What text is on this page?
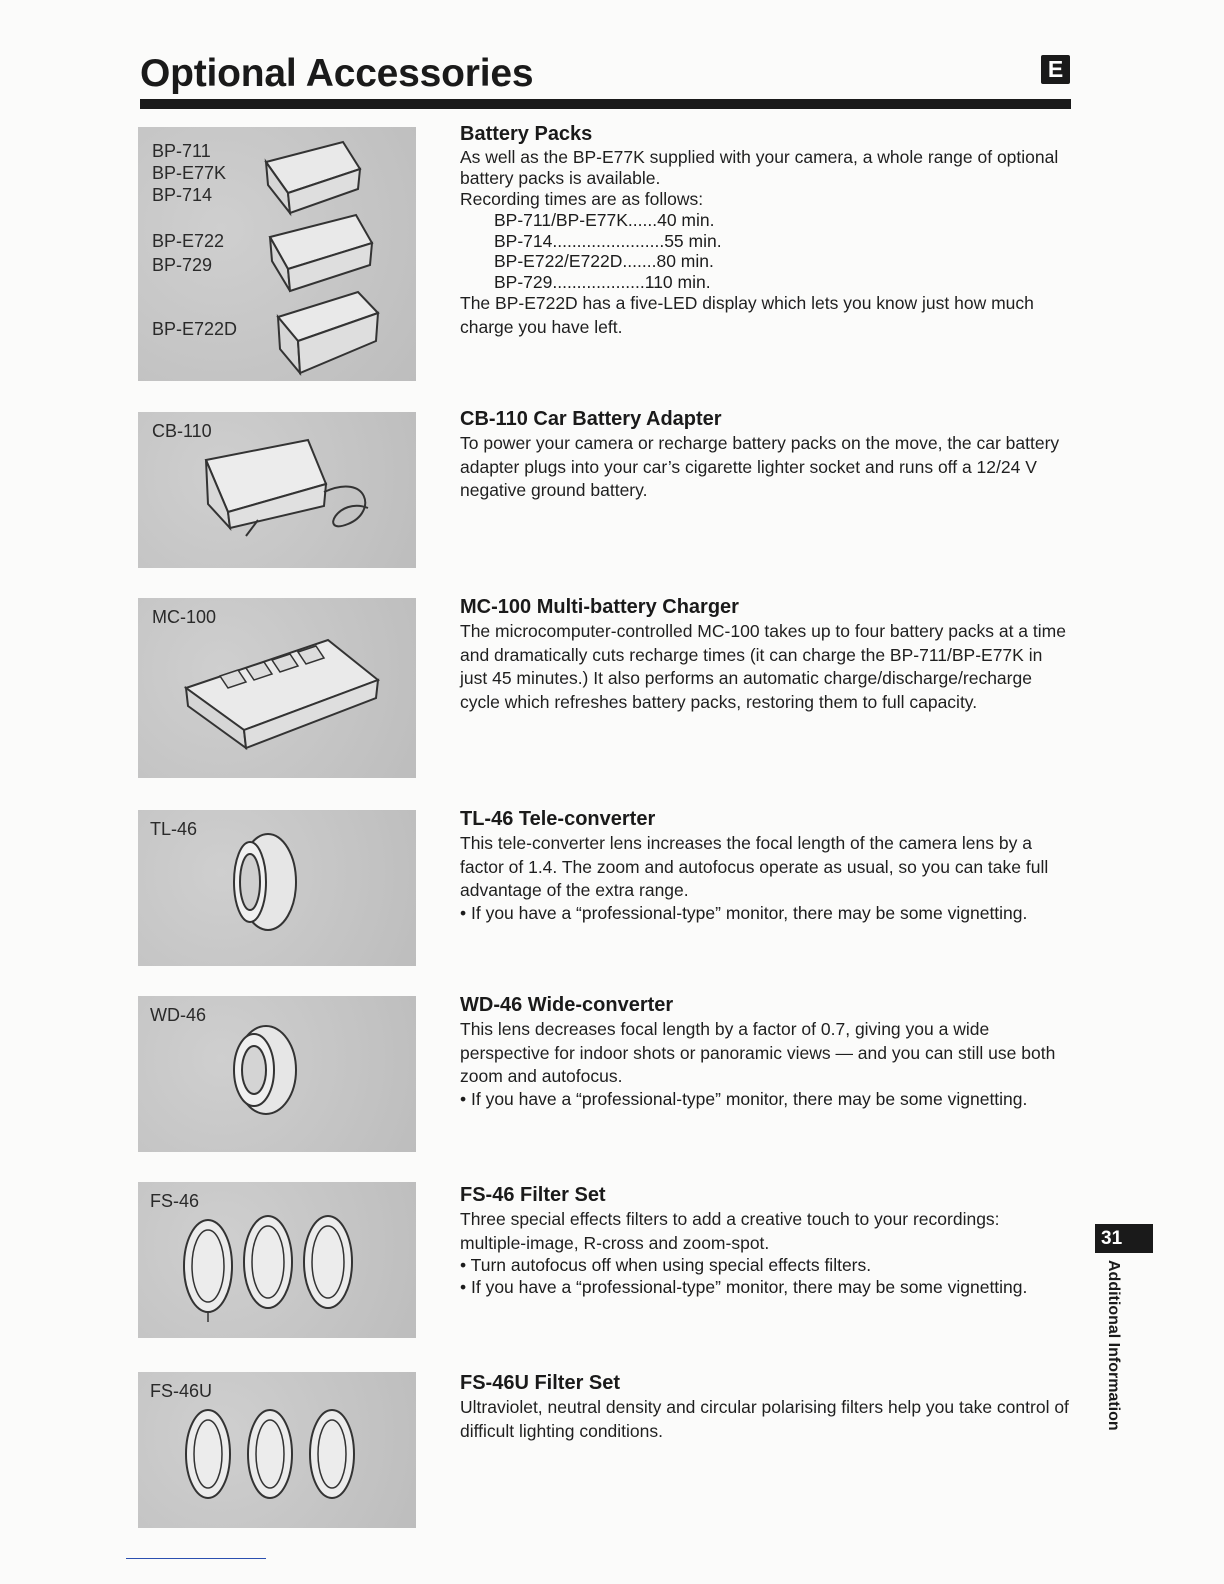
Optional Accessories	E
BP-711
BP-E77K
BP-714
BP-E722
BP-729
BP-E722D
CB-110
MC-100
TL-46
WD-46
FS-46
FS-46U
Battery Packs
As well as the BP-E77K supplied with your camera, a whole range of optional battery packs is available.
Recording times are as follows:
BP-711/BP-E77K ...... 40 min.
BP-714 ....................... 55 min.
BP-E722/E722D ....... 80 min.
BP-729 ................... 110 min.
The BP-E722D has a five-LED display which lets you know just how much charge you have left.
CB-110 Car Battery Adapter
To power your camera or recharge battery packs on the move, the car battery adapter plugs into your car’s cigarette lighter socket and runs off a 12/24 V negative ground battery.
MC-100 Multi-battery Charger
The microcomputer-controlled MC-100 takes up to four battery packs at a time and dramatically cuts recharge times (it can charge the BP-711/BP-E77K in just 45 minutes.) It also performs an automatic charge/discharge/recharge cycle which refreshes battery packs, restoring them to full capacity.
TL-46 Tele-converter
This tele-converter lens increases the focal length of the camera lens by a factor of 1.4. The zoom and autofocus operate as usual, so you can take full advantage of the extra range.
• If you have a “professional-type” monitor, there may be some vignetting.
WD-46 Wide-converter
This lens decreases focal length by a factor of 0.7, giving you a wide perspective for indoor shots or panoramic views — and you can still use both zoom and autofocus.
• If you have a “professional-type” monitor, there may be some vignetting.
FS-46 Filter Set
Three special effects filters to add a creative touch to your recordings: multiple-image, R-cross and zoom-spot.
• Turn autofocus off when using special effects filters.
• If you have a “professional-type” monitor, there may be some vignetting.
FS-46U Filter Set
Ultraviolet, neutral density and circular polarising filters help you take control of difficult lighting conditions.
31
Additional Information
